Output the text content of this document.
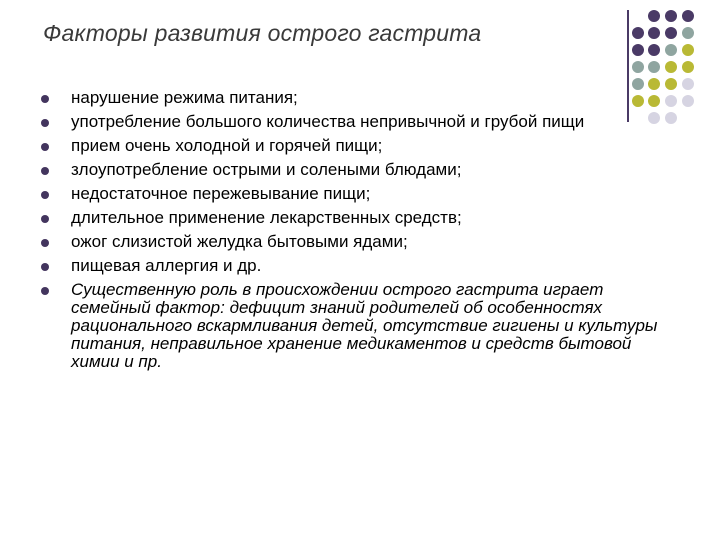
Факторы развития острого гастрита
нарушение режима питания;
употребление большого количества непривычной и грубой пищи
прием очень холодной и горячей пищи;
злоупотребление острыми и солеными блюдами;
недостаточное пережевывание пищи;
длительное применение лекарственных средств;
ожог слизистой желудка бытовыми ядами;
пищевая аллергия и др.
Существенную роль в происхождении острого гастрита играет семейный фактор: дефицит знаний родителей об особенностях рационального вскармливания детей, отсутствие гигиены и культуры питания, неправильное хранение медикаментов и средств бытовой химии и пр.
